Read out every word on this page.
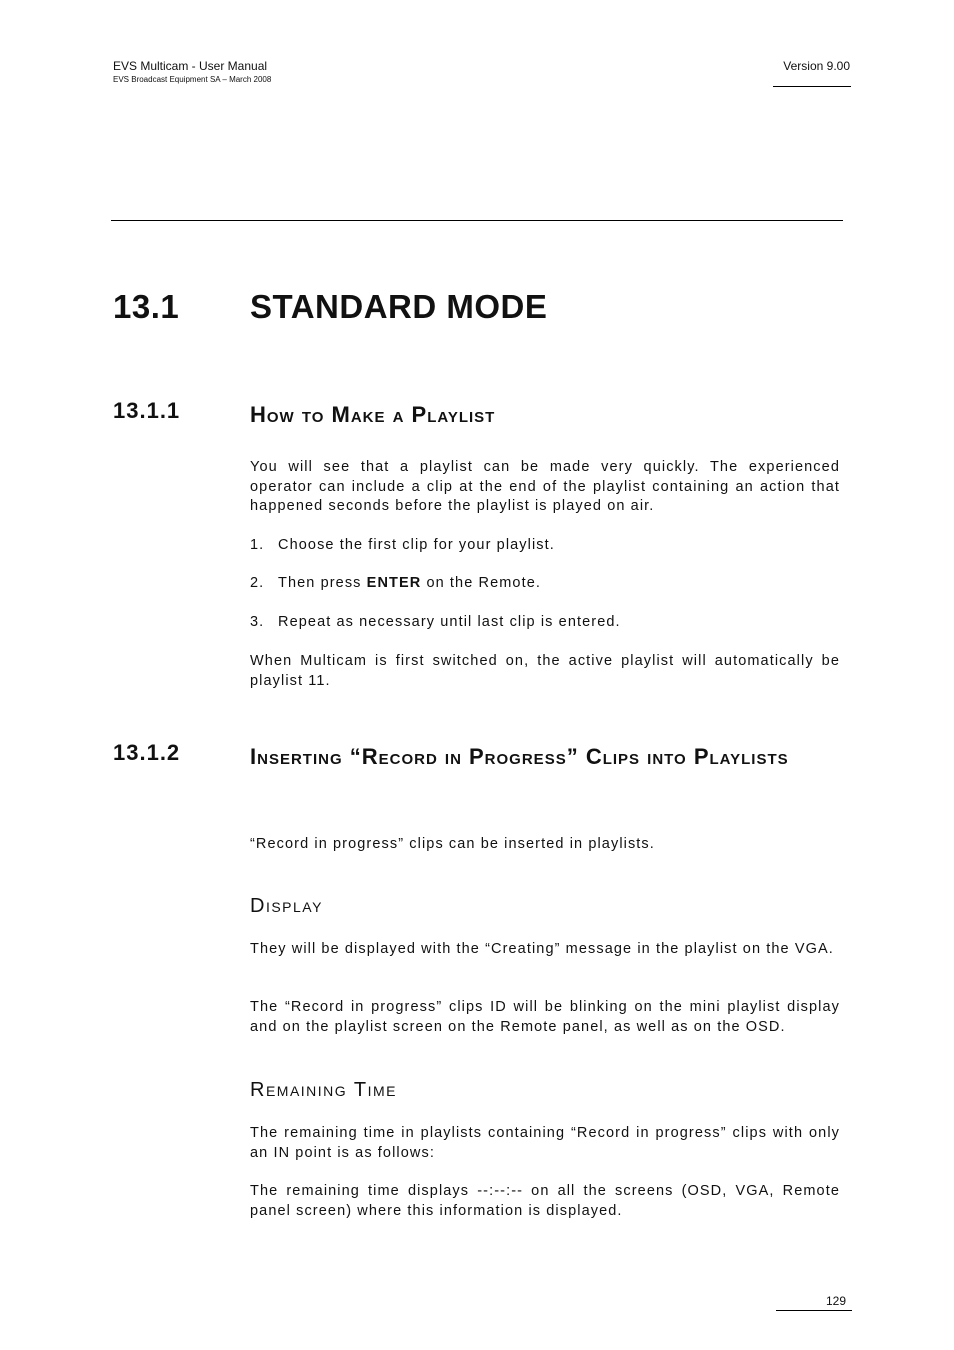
EVS Multicam - User Manual
EVS Broadcast Equipment SA – March 2008
Version 9.00
13.1 STANDARD MODE
13.1.1	How to Make a Playlist

You will see that a playlist can be made very quickly. The experienced operator can include a clip at the end of the playlist containing an action that happened seconds before the playlist is played on air.

1. Choose the first clip for your playlist.
2. Then press ENTER on the Remote.
3. Repeat as necessary until last clip is entered.

When Multicam is first switched on, the active playlist will automatically be playlist 11.

13.1.2	Inserting “Record in Progress” Clips into Playlists

“Record in progress” clips can be inserted in playlists.

Display

They will be displayed with the “Creating” message in the playlist on the VGA.

The “Record in progress” clips ID will be blinking on the mini playlist display and on the playlist screen on the Remote panel, as well as on the OSD.

Remaining Time

The remaining time in playlists containing “Record in progress” clips with only an IN point is as follows:

The remaining time displays --:--:-- on all the screens (OSD, VGA, Remote panel screen) where this information is displayed.

129
